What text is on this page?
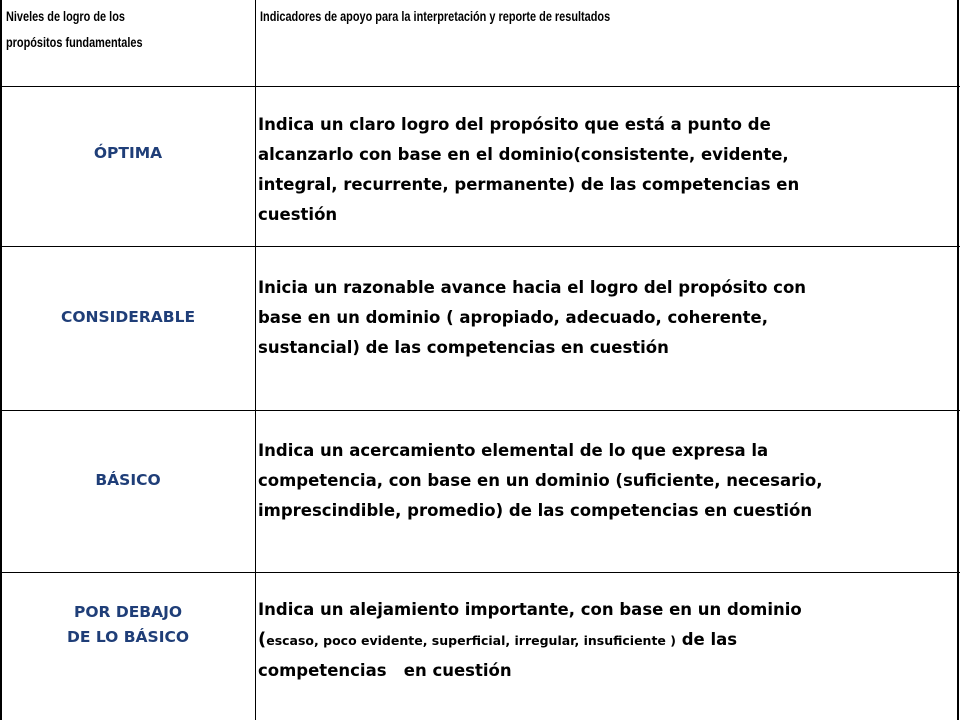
Niveles de logro de los
propósitos fundamentales
Indicadores de apoyo para la interpretación y reporte de resultados
ÓPTIMA
Indica un claro logro del propósito que está a punto de
alcanzarlo con base en el dominio(consistente, evidente,
integral, recurrente, permanente) de las competencias en
cuestión
CONSIDERABLE
Inicia un razonable avance hacia el logro del propósito con
base en un dominio ( apropiado, adecuado, coherente,
sustancial) de las competencias en cuestión
BÁSICO
Indica un acercamiento elemental de lo que expresa la
competencia, con base en un dominio (suficiente, necesario,
imprescindible, promedio) de las competencias en cuestión
POR DEBAJO
DE LO BÁSICO
Indica un alejamiento importante, con base en un dominio
(escaso, poco evidente, superficial, irregular, insuficiente ) de las
competencias   en cuestión
